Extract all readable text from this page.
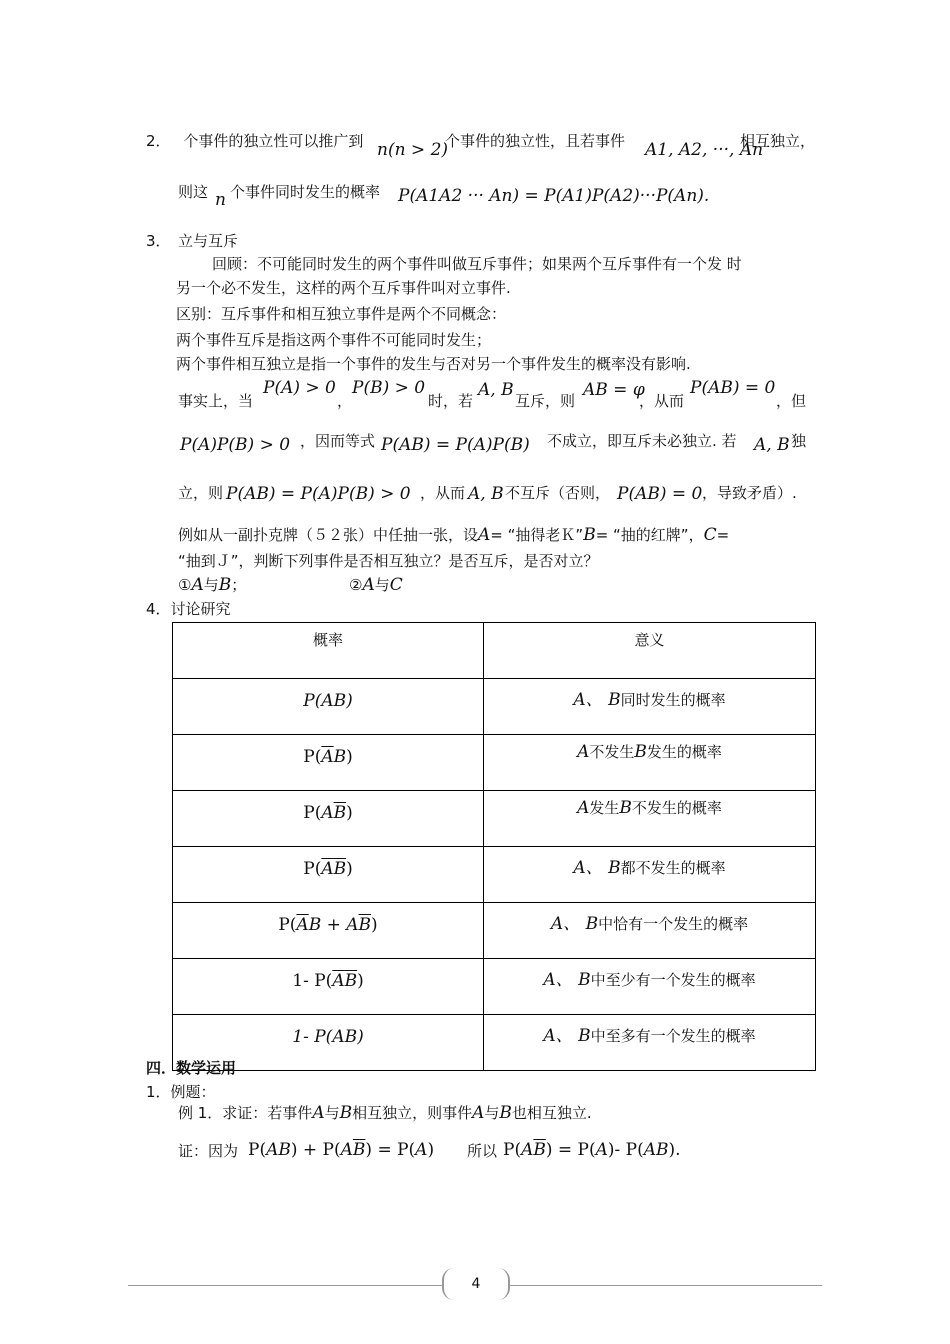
2． 个事件的独立性可以推广到 n(n > 2)
个事件的独立性，且若事件 A1, A2, ···, An
相互独立，
则这 n 个事件同时发生的概率 P(A1A2 ··· An) = P(A1)P(A2)···P(An).
3．　立与互斥
回顾：不可能同时发生的两个事件叫做互斥事件；如果两个互斥事件有一个发 时
另一个必不发生，这样的两个互斥事件叫对立事件.
区别：互斥事件和相互独立事件是两个不同概念：
两个事件互斥是指这两个事件不可能同时发生；
两个事件相互独立是指一个事件的发生与否对另一个事件发生的概率没有影响.
事实上，当
P(A) > 0
，
P(B) > 0
时，若
A, B
互斥，则
AB = φ
，从而
P(AB) = 0
，但
P(A)P(B) > 0 ，因而等式 P(AB) = P(A)P(B) 不成立，即互斥未必独立. 若 A, B 独
立，则 P(AB) = P(A)P(B) > 0 ，从而 A, B 不互斥（否则， P(AB) = 0 ，导致矛盾）.
例如从一副扑克牌（５２张）中任抽一张，设A= “抽得老Ｋ”B= “抽的红牌”，C=
“抽到Ｊ”，判断下列事件是否相互独立？是否互斥，是否对立？
①A与B；	②A与C
4．讨论研究
概率	意义
P(AB)	A、 B同时发生的概率
$P(\overline{A}B)$	A不发生B发生的概率
$P(A\overline{B})$	A发生B不发生的概率
$P(\overline{A}\overline{B})$	A、 B都不发生的概率
$P(\overline{A}B + A\overline{B})$	A、 B中恰有一个发生的概率
1- $P(\overline{A}\overline{B})$	A、 B中至少有一个发生的概率
1- P(AB)	A、 B中至多有一个发生的概率
四．数学运用
1．例题：
例 1．求证：若事件A与B相互独立，则事件A与B也相互独立.
证：因为 $P(AB) + P(A\overline{B}) = P(A)$ 所以 $P(A\overline{B}) = P(A)-$ P(AB).
4
